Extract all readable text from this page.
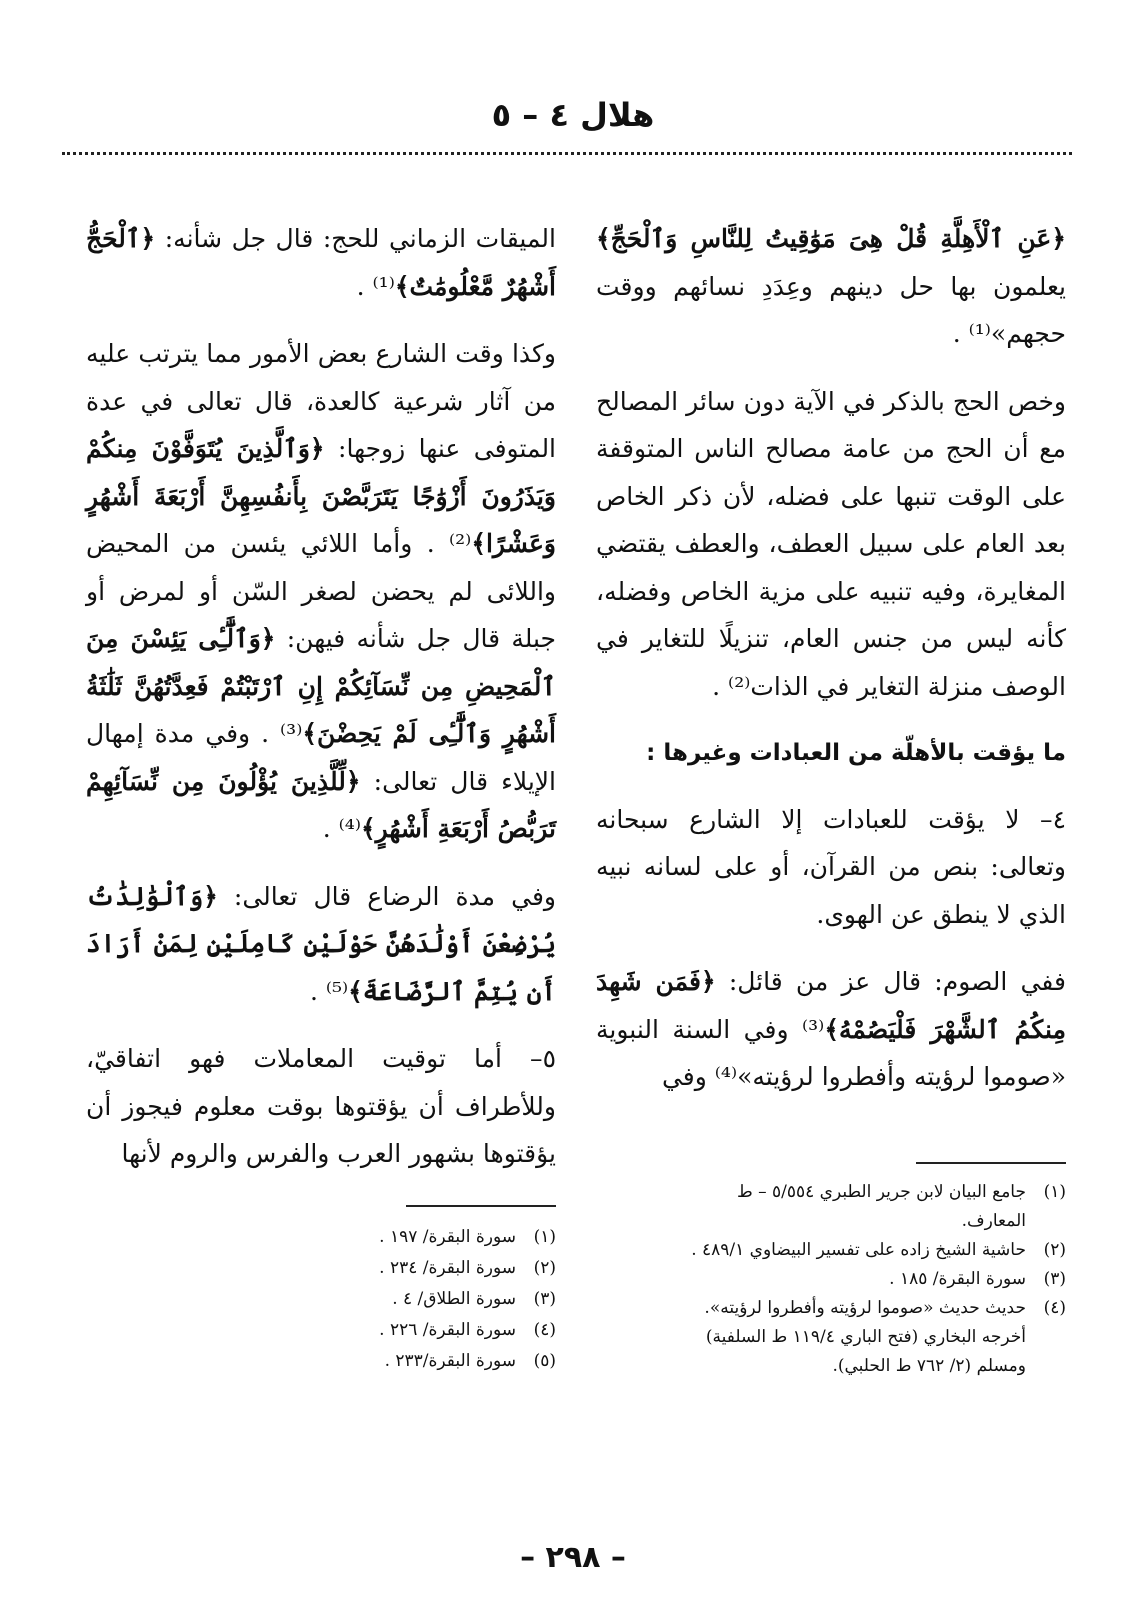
هلال ٤ – ٥

﴿عَنِ ٱلْأَهِلَّةِ قُلْ هِىَ مَوَٰقِيتُ لِلنَّاسِ وَٱلْحَجِّ﴾ يعلمون بها حل دينهم وعِدَدِ نسائهم ووقت حجهم»⁽¹⁾ .

وخص الحج بالذكر في الآية دون سائر المصالح مع أن الحج من عامة مصالح الناس المتوقفة على الوقت تنبها على فضله، لأن ذكر الخاص بعد العام على سبيل العطف، والعطف يقتضي المغايرة، وفيه تنبيه على مزية الخاص وفضله، كأنه ليس من جنس العام، تنزيلًا للتغاير في الوصف منزلة التغاير في الذات⁽²⁾ .

ما يؤقت بالأهلّة من العبادات وغيرها :

٤– لا يؤقت للعبادات إلا الشارع سبحانه وتعالى: بنص من القرآن، أو على لسانه نبيه الذي لا ينطق عن الهوى.

ففي الصوم: قال عز من قائل: ﴿فَمَن شَهِدَ مِنكُمُ ٱلشَّهْرَ فَلْيَصُمْهُ﴾⁽³⁾ وفي السنة النبوية «صوموا لرؤيته وأفطروا لرؤيته»⁽⁴⁾ وفي

الميقات الزماني للحج: قال جل شأنه: ﴿ٱلْحَجُّ أَشْهُرٌ مَّعْلُومَٰتٌ﴾⁽¹⁾ .

وكذا وقت الشارع بعض الأمور مما يترتب عليه من آثار شرعية كالعدة، قال تعالى في عدة المتوفى عنها زوجها: ﴿وَٱلَّذِينَ يُتَوَفَّوْنَ مِنكُمْ وَيَذَرُونَ أَزْوَٰجًا يَتَرَبَّصْنَ بِأَنفُسِهِنَّ أَرْبَعَةَ أَشْهُرٍ وَعَشْرًا﴾⁽²⁾ . وأما اللائي يئسن من المحيض واللائى لم يحضن لصغر السّن أو لمرض أو جبلة قال جل شأنه فيهن: ﴿وَٱلَّٰٓـِٔى يَئِسْنَ مِنَ ٱلْمَحِيضِ مِن نِّسَآئِكُمْ إِنِ ٱرْتَبْتُمْ فَعِدَّتُهُنَّ ثَلَٰثَةُ أَشْهُرٍ وَٱلَّٰٓـِٔى لَمْ يَحِضْنَ﴾⁽³⁾ . وفي مدة إمهال الإيلاء قال تعالى: ﴿لِّلَّذِينَ يُؤْلُونَ مِن نِّسَآئِهِمْ تَرَبُّصُ أَرْبَعَةِ أَشْهُرٍ﴾⁽⁴⁾ .

وفي مدة الرضاع قال تعالى: ﴿وَٱلْوَٰلِدَٰتُ يُرْضِعْنَ أَوْلَٰدَهُنَّ حَوْلَيْنِ كَامِلَيْنِ لِمَنْ أَرَادَ أَن يُتِمَّ ٱلرَّضَاعَةَ﴾⁽⁵⁾ .

٥– أما توقيت المعاملات فهو اتفاقيّ، وللأطراف أن يؤقتوها بوقت معلوم فيجوز أن يؤقتوها بشهور العرب والفرس والروم لأنها

(١)جامع البيان لابن جرير الطبري ٥/٥٥٤ – ط
المعارف.
(٢)حاشية الشيخ زاده على تفسير البيضاوي ٤٨٩/١ .
(٣)سورة البقرة/ ١٨٥ .
(٤)حديث حديث «صوموا لرؤيته وأفطروا لرؤيته».
أخرجه البخاري (فتح الباري ١١٩/٤ ط السلفية)
ومسلم (٢/ ٧٦٢ ط الحلبي).
(١)سورة البقرة/ ١٩٧ .
(٢)سورة البقرة/ ٢٣٤ .
(٣)سورة الطلاق/ ٤ .
(٤)سورة البقرة/ ٢٢٦ .
(٥)سورة البقرة/٢٣٣ .
– ٢٩٨ –
